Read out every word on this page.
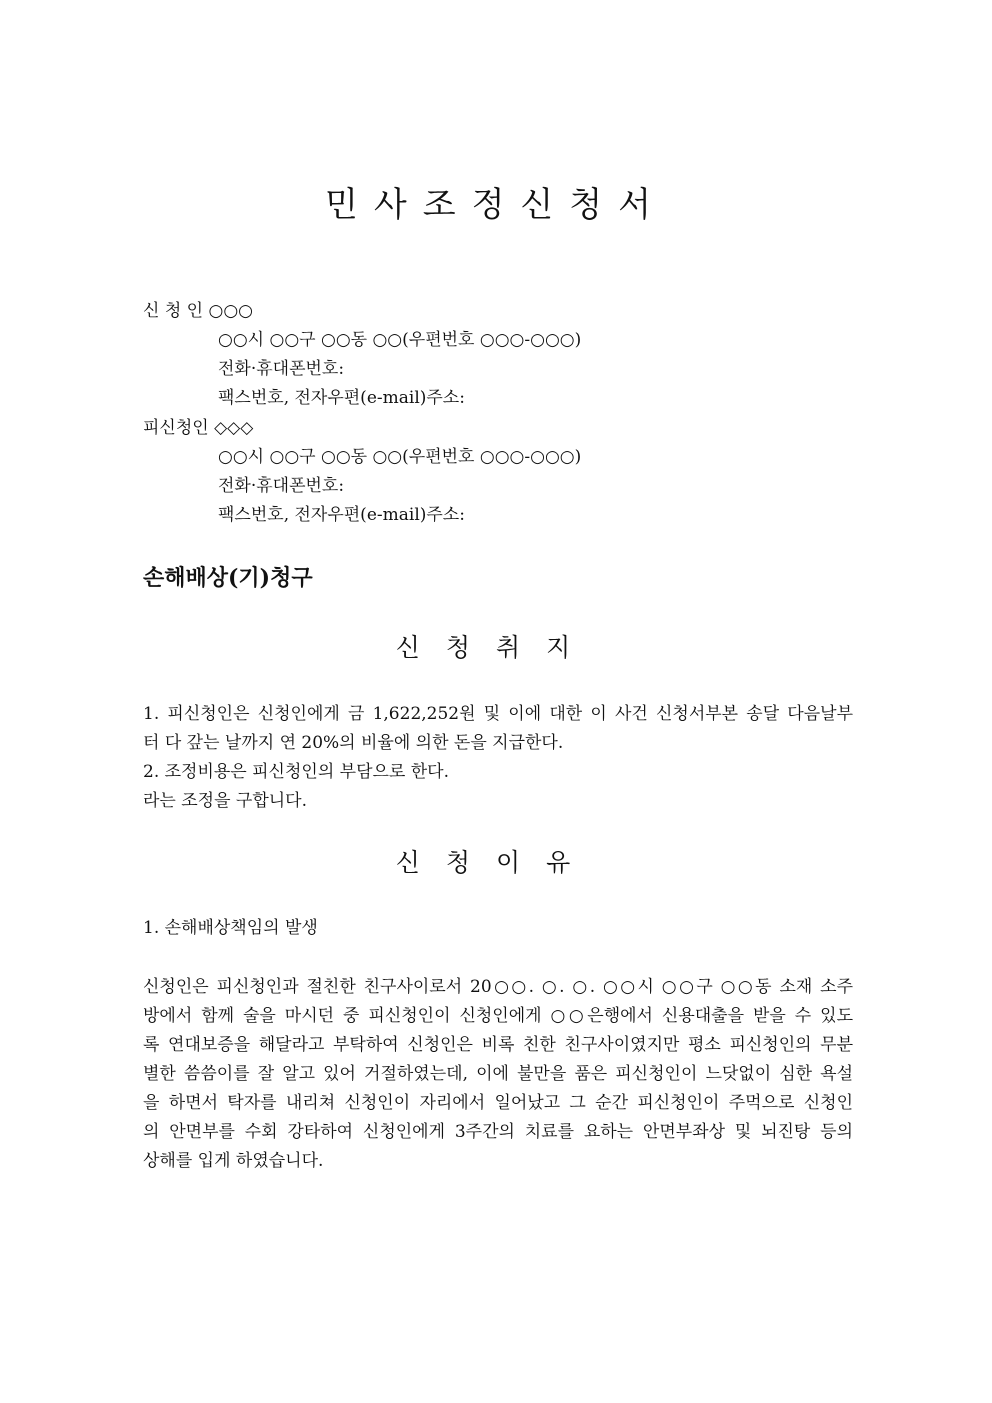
민사조정신청서
신 청 인 ○○○
○○시 ○○구 ○○동 ○○(우편번호 ○○○-○○○)
전화·휴대폰번호:
팩스번호, 전자우편(e-mail)주소:
피신청인 ◇◇◇
○○시 ○○구 ○○동 ○○(우편번호 ○○○-○○○)
전화·휴대폰번호:
팩스번호, 전자우편(e-mail)주소:
손해배상(기)청구
신청취지
1. 피신청인은 신청인에게 금 1,622,252원 및 이에 대한 이 사건 신청서부본 송달 다음날부
터 다 갚는 날까지 연 20%의 비율에 의한 돈을 지급한다.
2. 조정비용은 피신청인의 부담으로 한다.
라는 조정을 구합니다.
신청이유
1. 손해배상책임의 발생
신청인은 피신청인과 절친한 친구사이로서 20○○. ○. ○. ○○시 ○○구 ○○동 소재 소주
방에서 함께 술을 마시던 중 피신청인이 신청인에게 ○○은행에서 신용대출을 받을 수 있도
록 연대보증을 해달라고 부탁하여 신청인은 비록 친한 친구사이였지만 평소 피신청인의 무분
별한 씀씀이를 잘 알고 있어 거절하였는데, 이에 불만을 품은 피신청인이 느닷없이 심한 욕설
을 하면서 탁자를 내리쳐 신청인이 자리에서 일어났고 그 순간 피신청인이 주먹으로 신청인
의 안면부를 수회 강타하여 신청인에게 3주간의 치료를 요하는 안면부좌상 및 뇌진탕 등의
상해를 입게 하였습니다.
